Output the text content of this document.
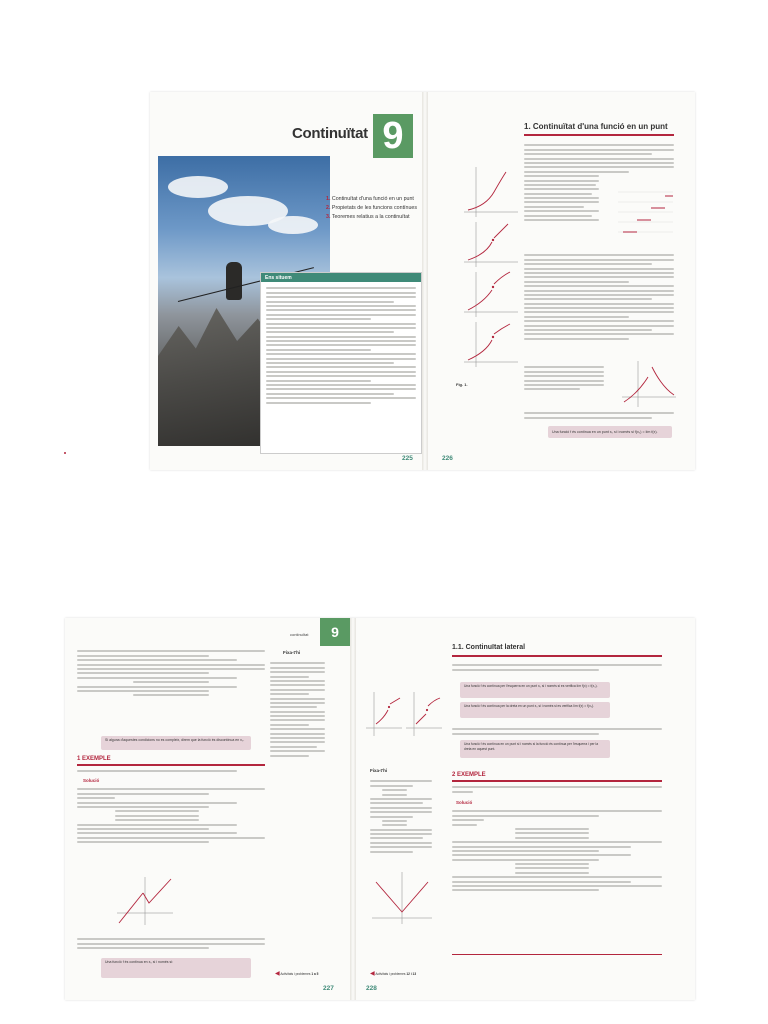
Continuïtat 9
1. Continuïtat d'una funció en un punt
2. Propietats de les funcions contínues
3. Teoremes relatius a la continuïtat
Ens situem
225
1. Continuïtat d'una funció en un punt
Fig. 1.
Una funció f és contínua en un punt x₀ si i només si f(x₀) = lím f(x).
226
continuïtat	9
Si alguna d'aquestes condicions no es compleix, direm que la funció és discontínua en x₀.
1 EXEMPLE
Solució
Una funció f és contínua en x₀ si i només si:
Fixa-t'hi
◀ Activitats i problemes 1 a 5
227
1.1. Continuïtat lateral
Una funció f és contínua per l'esquerra en un punt x₀ si i només si es verifica lím f(x) = f(x₀).
Una funció f és contínua per la dreta en un punt x₀ si i només si es verifica lím f(x) = f(x₀).
Una funció f és contínua en un punt si i només si la funció és contínua per l'esquerra i per la dreta en aquest punt.
Fixa-t'hi
2 EXEMPLE
Solució
◀ Activitats i problemes 12 i 13
228
